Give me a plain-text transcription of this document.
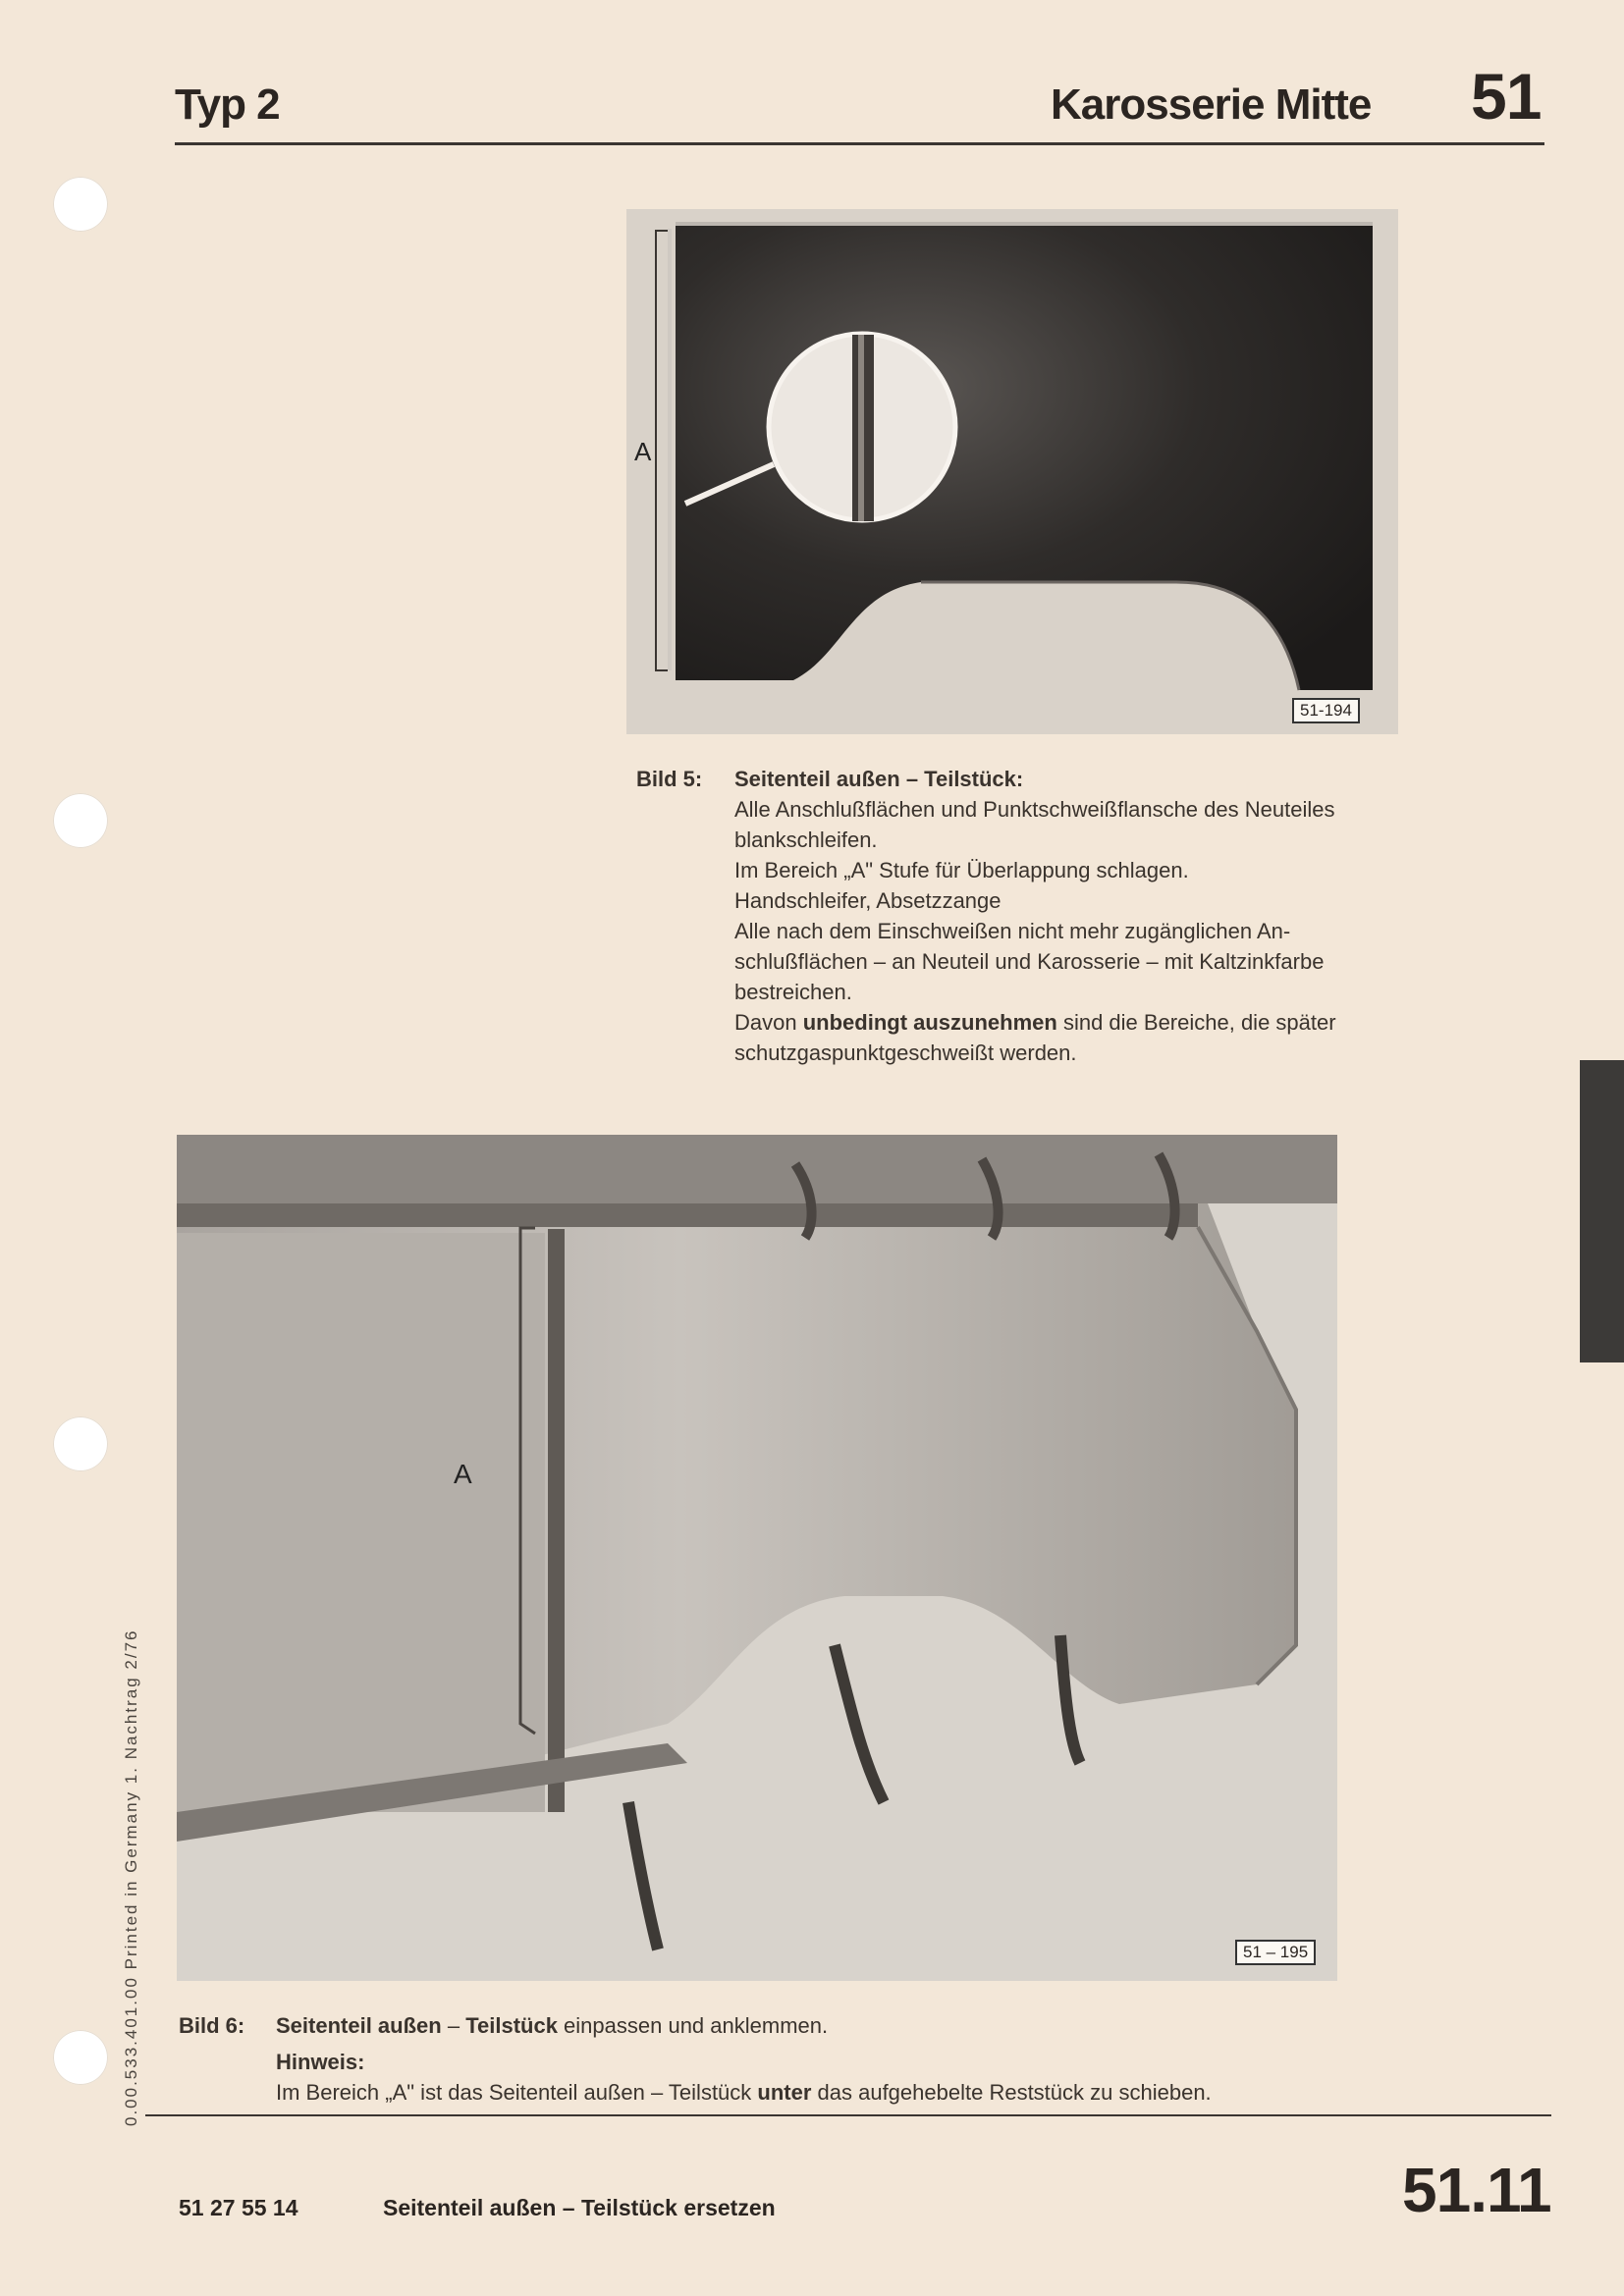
Typ 2	Karosserie Mitte 51
A
51-194
Bild 5: Seitenteil außen – Teilstück:
Alle Anschlußflächen und Punktschweißflansche des Neuteiles
blankschleifen.
Im Bereich „A" Stufe für Überlappung schlagen.
Handschleifer, Absetzzange
Alle nach dem Einschweißen nicht mehr zugänglichen An-
schlußflächen – an Neuteil und Karosserie – mit Kaltzinkfarbe
bestreichen.
Davon unbedingt auszunehmen sind die Bereiche, die später
schutzgaspunktgeschweißt werden.
A
51 – 195
Bild 6: Seitenteil außen – Teilstück einpassen und anklemmen.
Hinweis:
Im Bereich „A" ist das Seitenteil außen – Teilstück unter das aufgehebelte Reststück zu schieben.
51 27 55 14	Seitenteil außen – Teilstück ersetzen	51.11
0.00.533.401.00 Printed in Germany 1. Nachtrag 2/76
